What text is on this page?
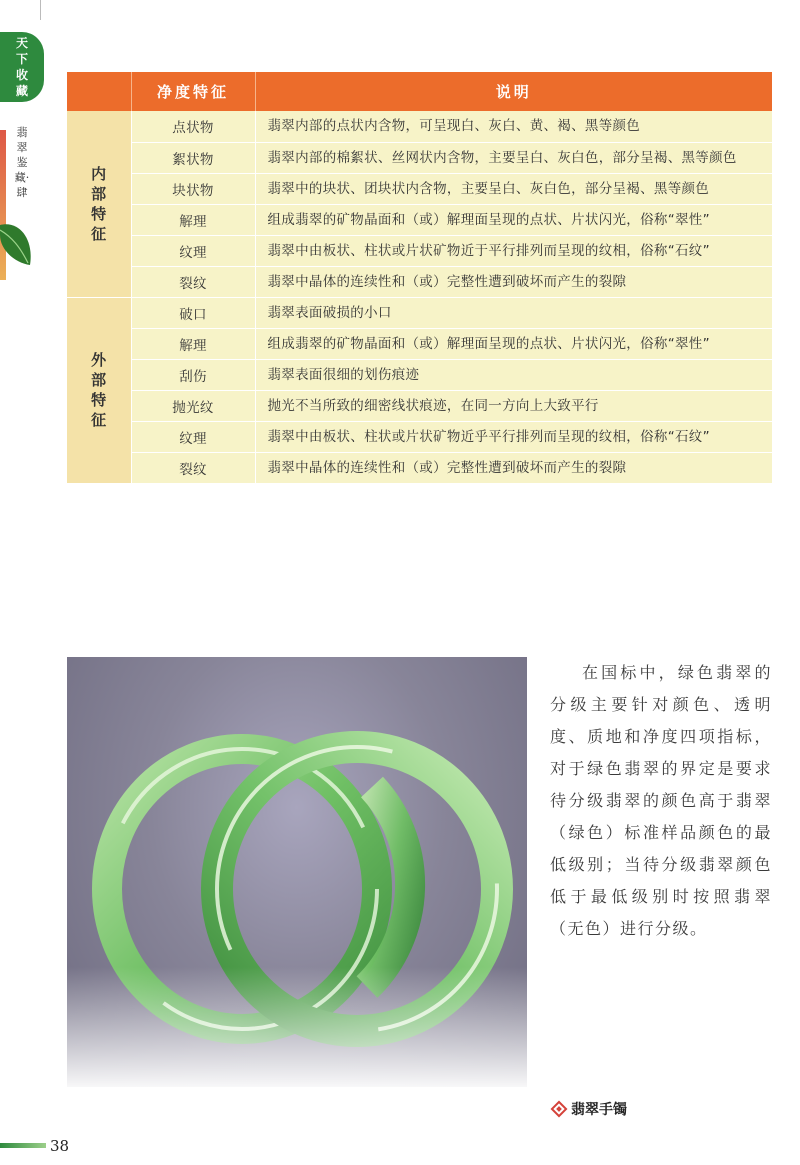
天
下
收
藏
翡翠鉴藏·肆
	净度特征	说明
内部特征	点状物	翡翠内部的点状内含物，可呈现白、灰白、黄、褐、黑等颜色
	絮状物	翡翠内部的棉絮状、丝网状内含物，主要呈白、灰白色，部分呈褐、黑等颜色
	块状物	翡翠中的块状、团块状内含物，主要呈白、灰白色，部分呈褐、黑等颜色
	解理	组成翡翠的矿物晶面和（或）解理面呈现的点状、片状闪光，俗称“翠性”
	纹理	翡翠中由板状、柱状或片状矿物近于平行排列而呈现的纹相，俗称“石纹”
	裂纹	翡翠中晶体的连续性和（或）完整性遭到破坏而产生的裂隙
外部特征	破口	翡翠表面破损的小口
	解理	组成翡翠的矿物晶面和（或）解理面呈现的点状、片状闪光，俗称“翠性”
	刮伤	翡翠表面很细的划伤痕迹
	抛光纹	抛光不当所致的细密线状痕迹，在同一方向上大致平行
	纹理	翡翠中由板状、柱状或片状矿物近乎平行排列而呈现的纹相，俗称“石纹”
	裂纹	翡翠中晶体的连续性和（或）完整性遭到破坏而产生的裂隙

在国标中，绿色翡翠的分级主要针对颜色、透明度、质地和净度四项指标，对于绿色翡翠的界定是要求待分级翡翠的颜色高于翡翠（绿色）标准样品颜色的最低级别；当待分级翡翠颜色低于最低级别时按照翡翠（无色）进行分级。

翡翠手镯
38
